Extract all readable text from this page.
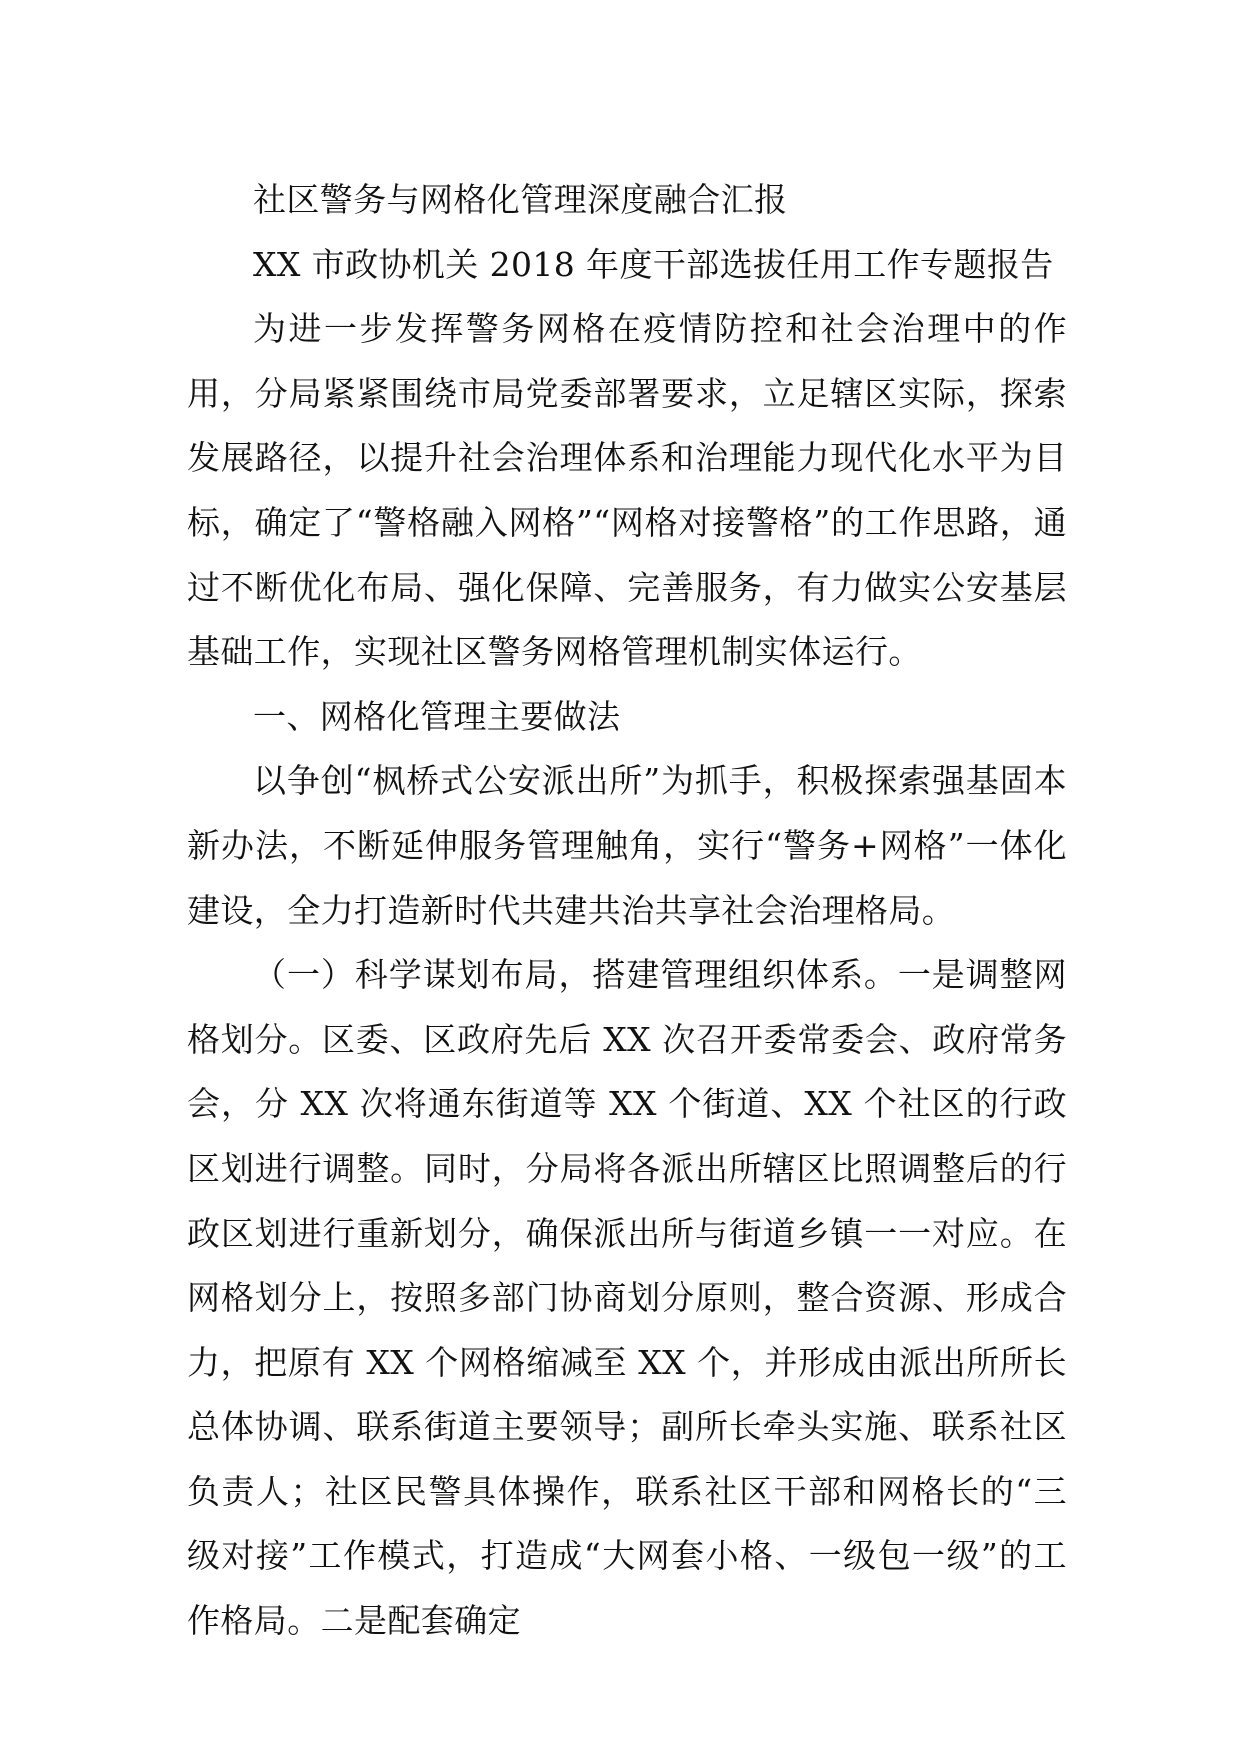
社区警务与网格化管理深度融合汇报

XX 市政协机关 2018 年度干部选拔任用工作专题报告

为进一步发挥警务网格在疫情防控和社会治理中的作用，分局紧紧围绕市局党委部署要求，立足辖区实际，探索发展路径，以提升社会治理体系和治理能力现代化水平为目标，确定了“警格融入网格”“网格对接警格”的工作思路，通过不断优化布局、强化保障、完善服务，有力做实公安基层基础工作，实现社区警务网格管理机制实体运行。

一、网格化管理主要做法

以争创“枫桥式公安派出所”为抓手，积极探索强基固本新办法，不断延伸服务管理触角，实行“警务+网格”一体化建设，全力打造新时代共建共治共享社会治理格局。

（一）科学谋划布局，搭建管理组织体系。一是调整网格划分。区委、区政府先后 XX 次召开委常委会、政府常务会，分 XX 次将通东街道等 XX 个街道、XX 个社区的行政区划进行调整。同时，分局将各派出所辖区比照调整后的行政区划进行重新划分，确保派出所与街道乡镇一一对应。在网格划分上，按照多部门协商划分原则，整合资源、形成合力，把原有 XX 个网格缩减至 XX 个，并形成由派出所所长总体协调、联系街道主要领导；副所长牵头实施、联系社区负责人；社区民警具体操作，联系社区干部和网格长的“三级对接”工作模式，打造成“大网套小格、一级包一级”的工作格局。二是配套确定
